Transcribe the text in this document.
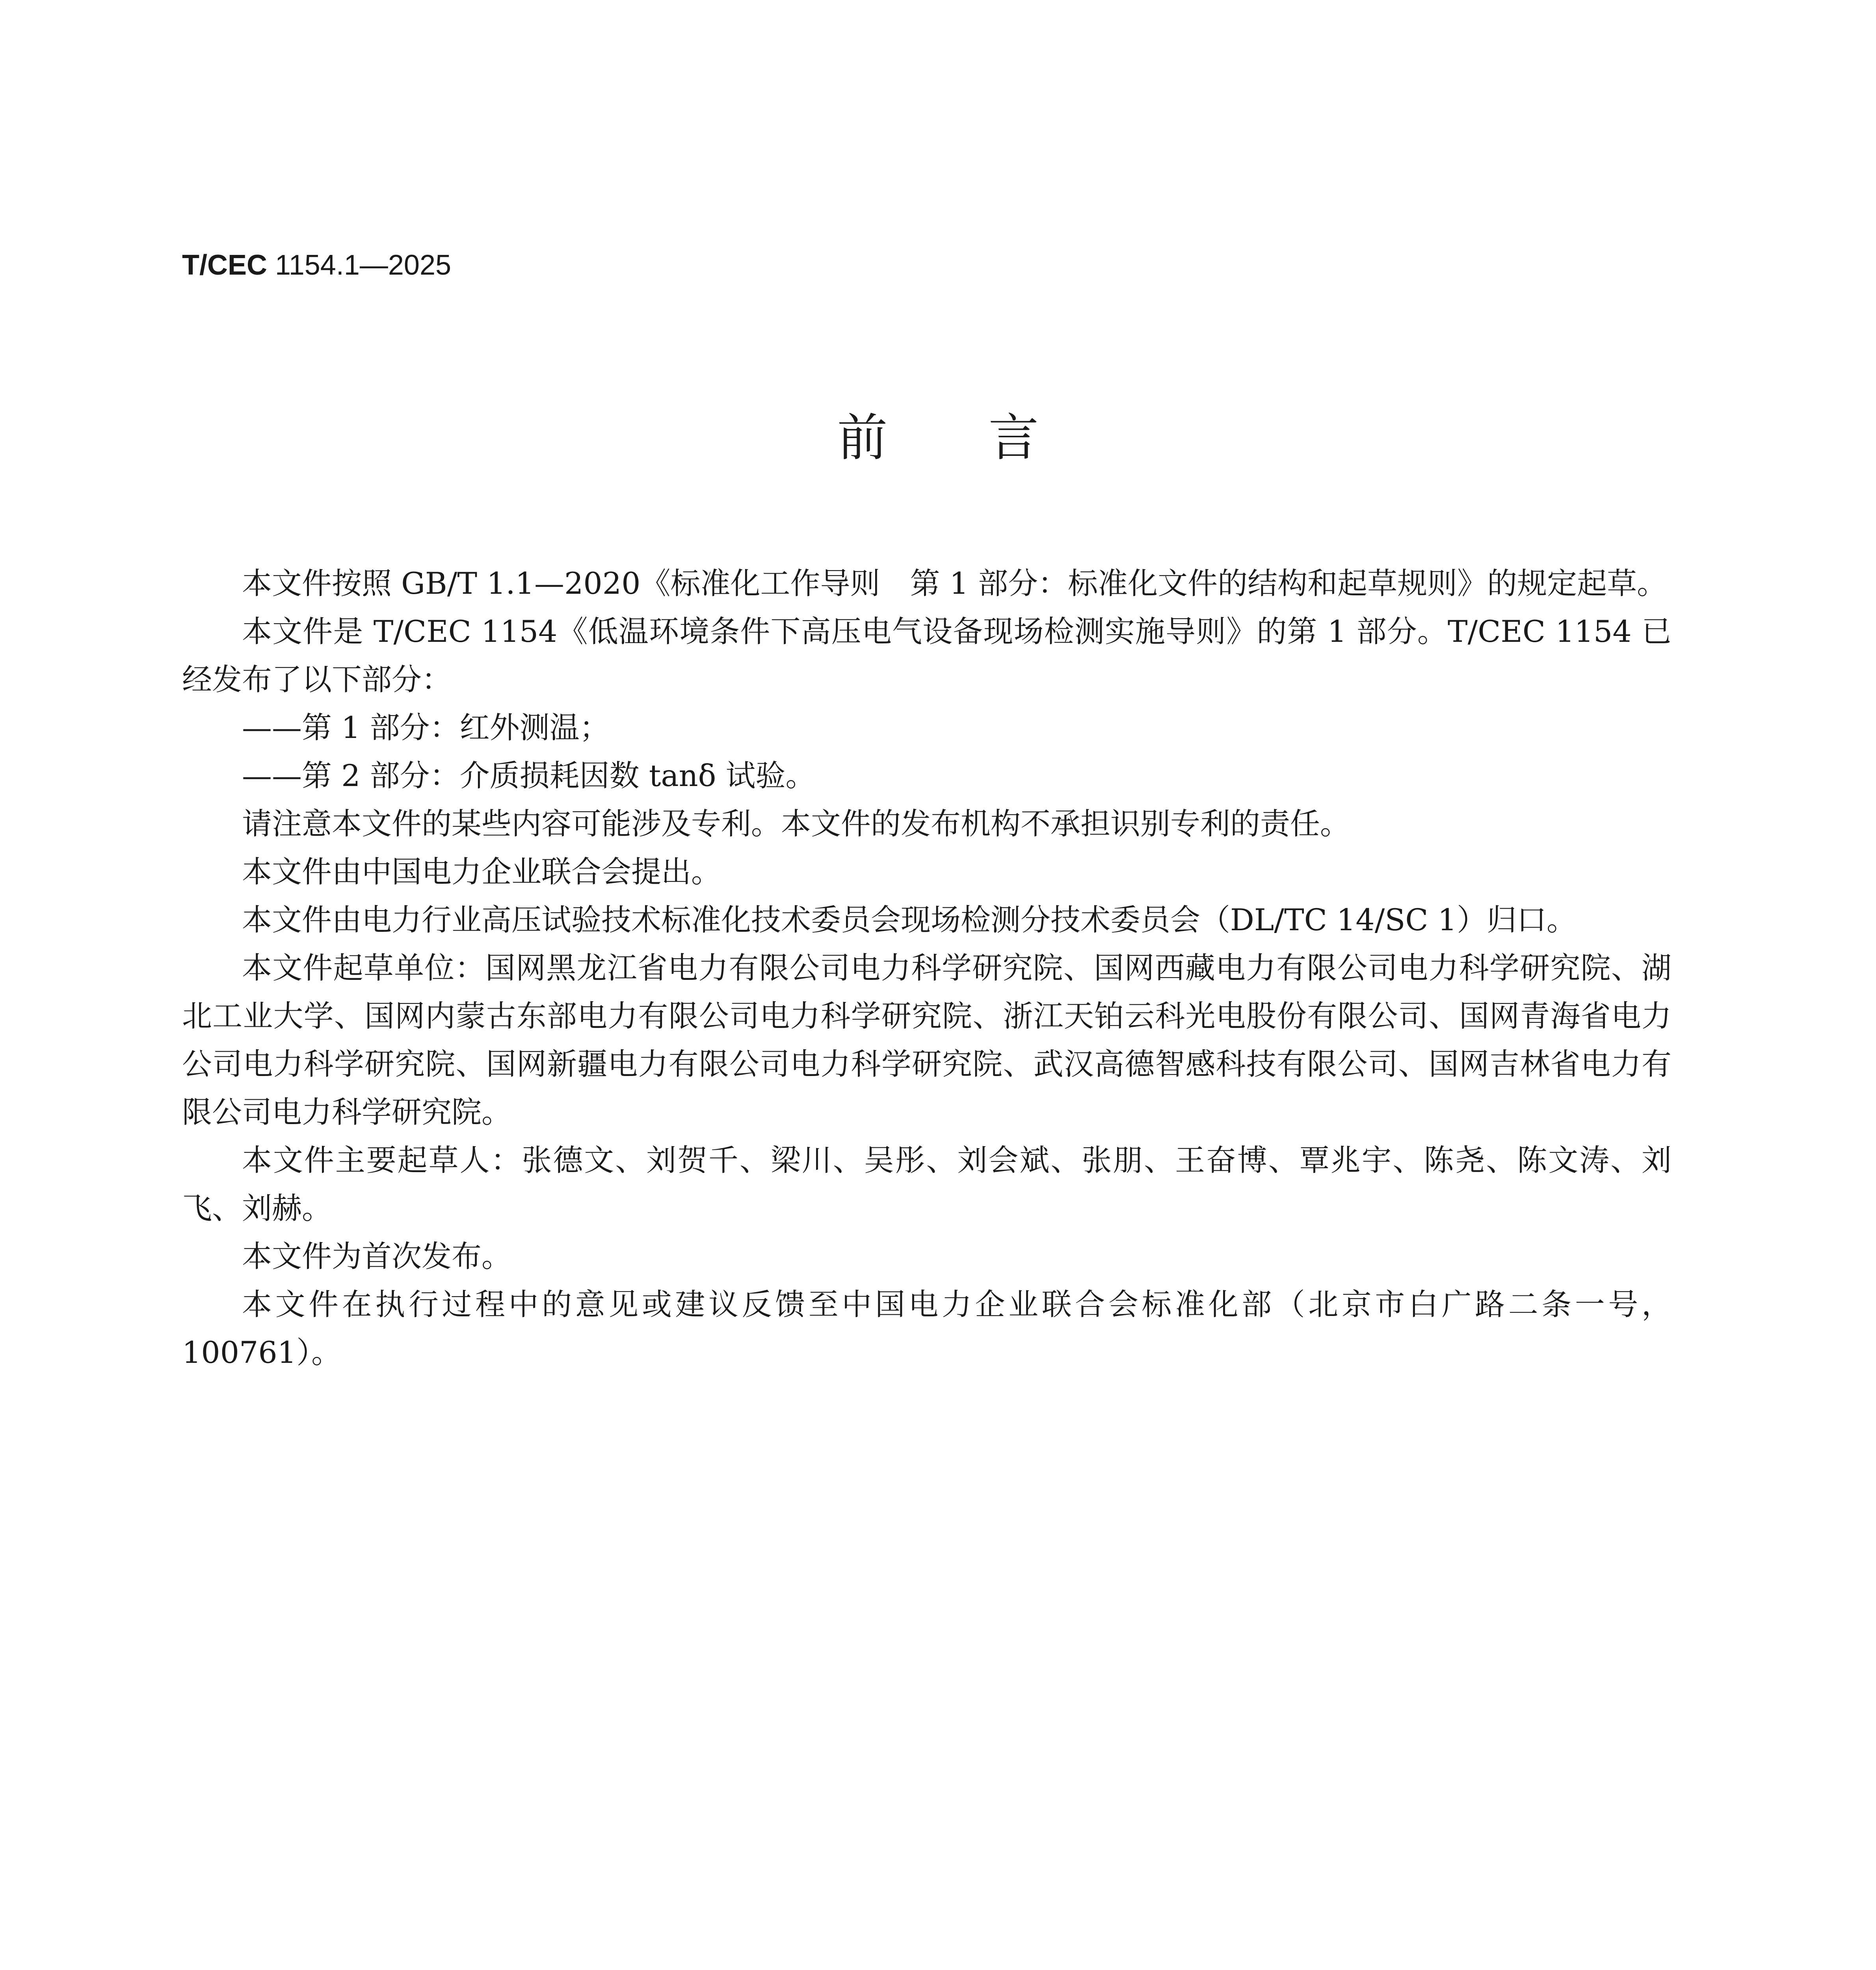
T/CEC 1154.1—2025
前言

本文件按照 GB/T 1.1—2020《标准化工作导则　第 1 部分：标准化文件的结构和起草规则》的规定起草。

本文件是 T/CEC 1154《低温环境条件下高压电气设备现场检测实施导则》的第 1 部分。T/CEC 1154 已经发布了以下部分：

——第 1 部分：红外测温；

——第 2 部分：介质损耗因数 tanδ 试验。

请注意本文件的某些内容可能涉及专利。本文件的发布机构不承担识别专利的责任。

本文件由中国电力企业联合会提出。

本文件由电力行业高压试验技术标准化技术委员会现场检测分技术委员会（DL/TC 14/SC 1）归口。

本文件起草单位：国网黑龙江省电力有限公司电力科学研究院、国网西藏电力有限公司电力科学研究院、湖北工业大学、国网内蒙古东部电力有限公司电力科学研究院、浙江天铂云科光电股份有限公司、国网青海省电力公司电力科学研究院、国网新疆电力有限公司电力科学研究院、武汉高德智感科技有限公司、国网吉林省电力有限公司电力科学研究院。

本文件主要起草人：张德文、刘贺千、梁川、吴彤、刘会斌、张朋、王奋博、覃兆宇、陈尧、陈文涛、刘飞、刘赫。

本文件为首次发布。

本文件在执行过程中的意见或建议反馈至中国电力企业联合会标准化部（北京市白广路二条一号，100761）。
